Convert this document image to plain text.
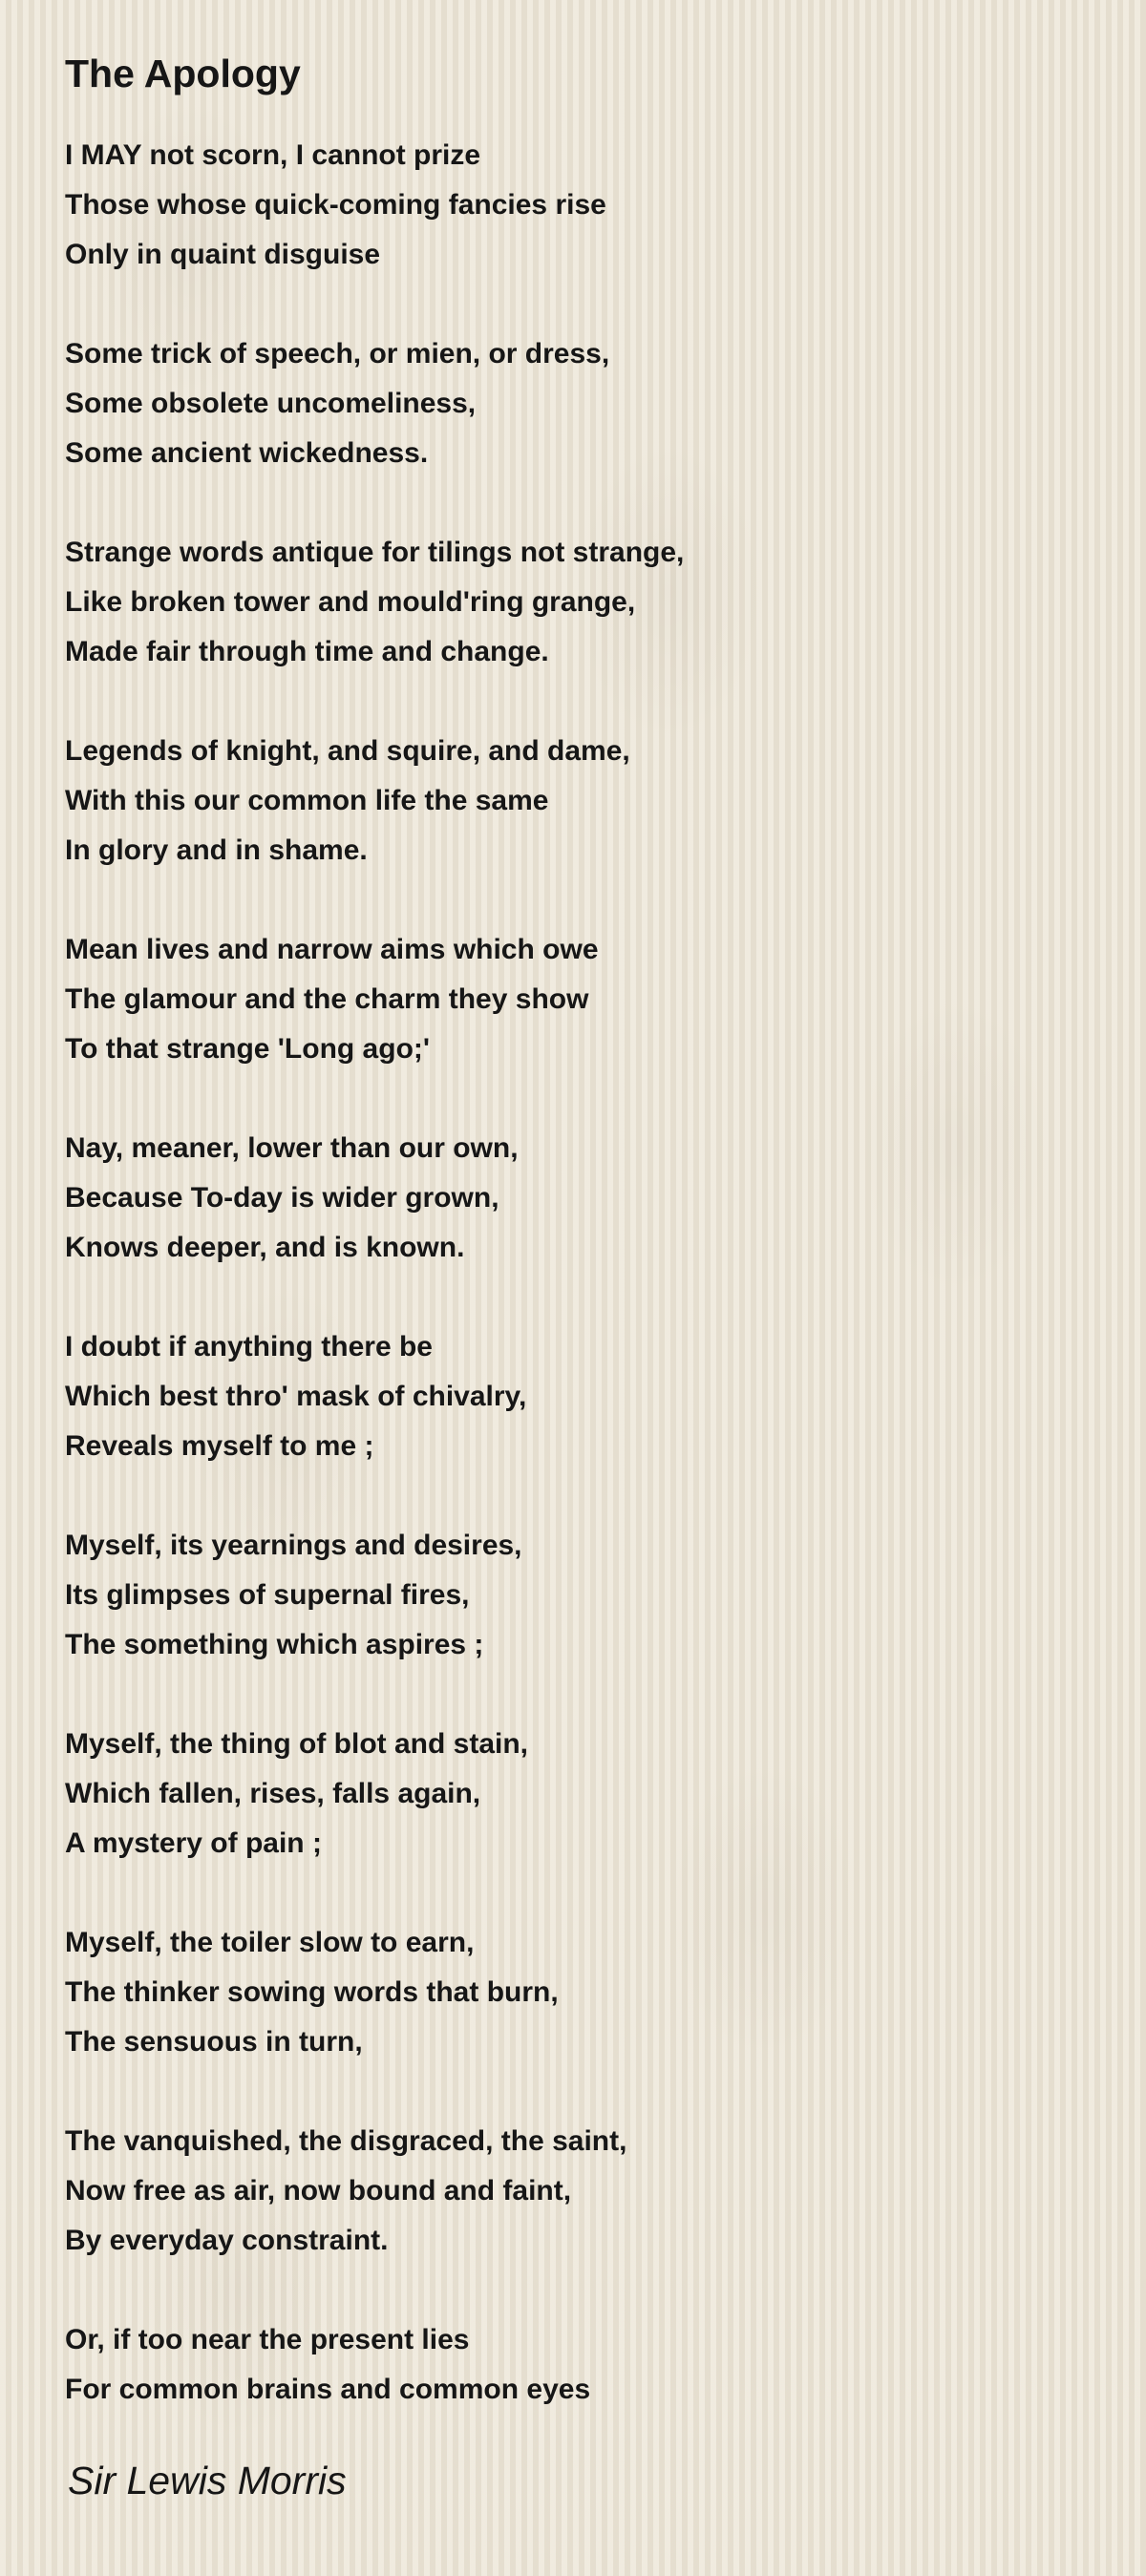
The Apology
I MAY not scorn, I cannot prize
Those whose quick-coming fancies rise
Only in quaint disguise
Some trick of speech, or mien, or dress,
Some obsolete uncomeliness,
Some ancient wickedness.
Strange words antique for tilings not strange,
Like broken tower and mould'ring grange,
Made fair through time and change.
Legends of knight, and squire, and dame,
With this our common life the same
In glory and in shame.
Mean lives and narrow aims which owe
The glamour and the charm they show
To that strange 'Long ago;'
Nay, meaner, lower than our own,
Because To-day is wider grown,
Knows deeper, and is known.
I doubt if anything there be
Which best thro' mask of chivalry,
Reveals myself to me ;
Myself, its yearnings and desires,
Its glimpses of supernal fires,
The something which aspires ;
Myself, the thing of blot and stain,
Which fallen, rises, falls again,
A mystery of pain ;
Myself, the toiler slow to earn,
The thinker sowing words that burn,
The sensuous in turn,
The vanquished, the disgraced, the saint,
Now free as air, now bound and faint,
By everyday constraint.
Or, if too near the present lies
For common brains and common eyes
Sir Lewis Morris
